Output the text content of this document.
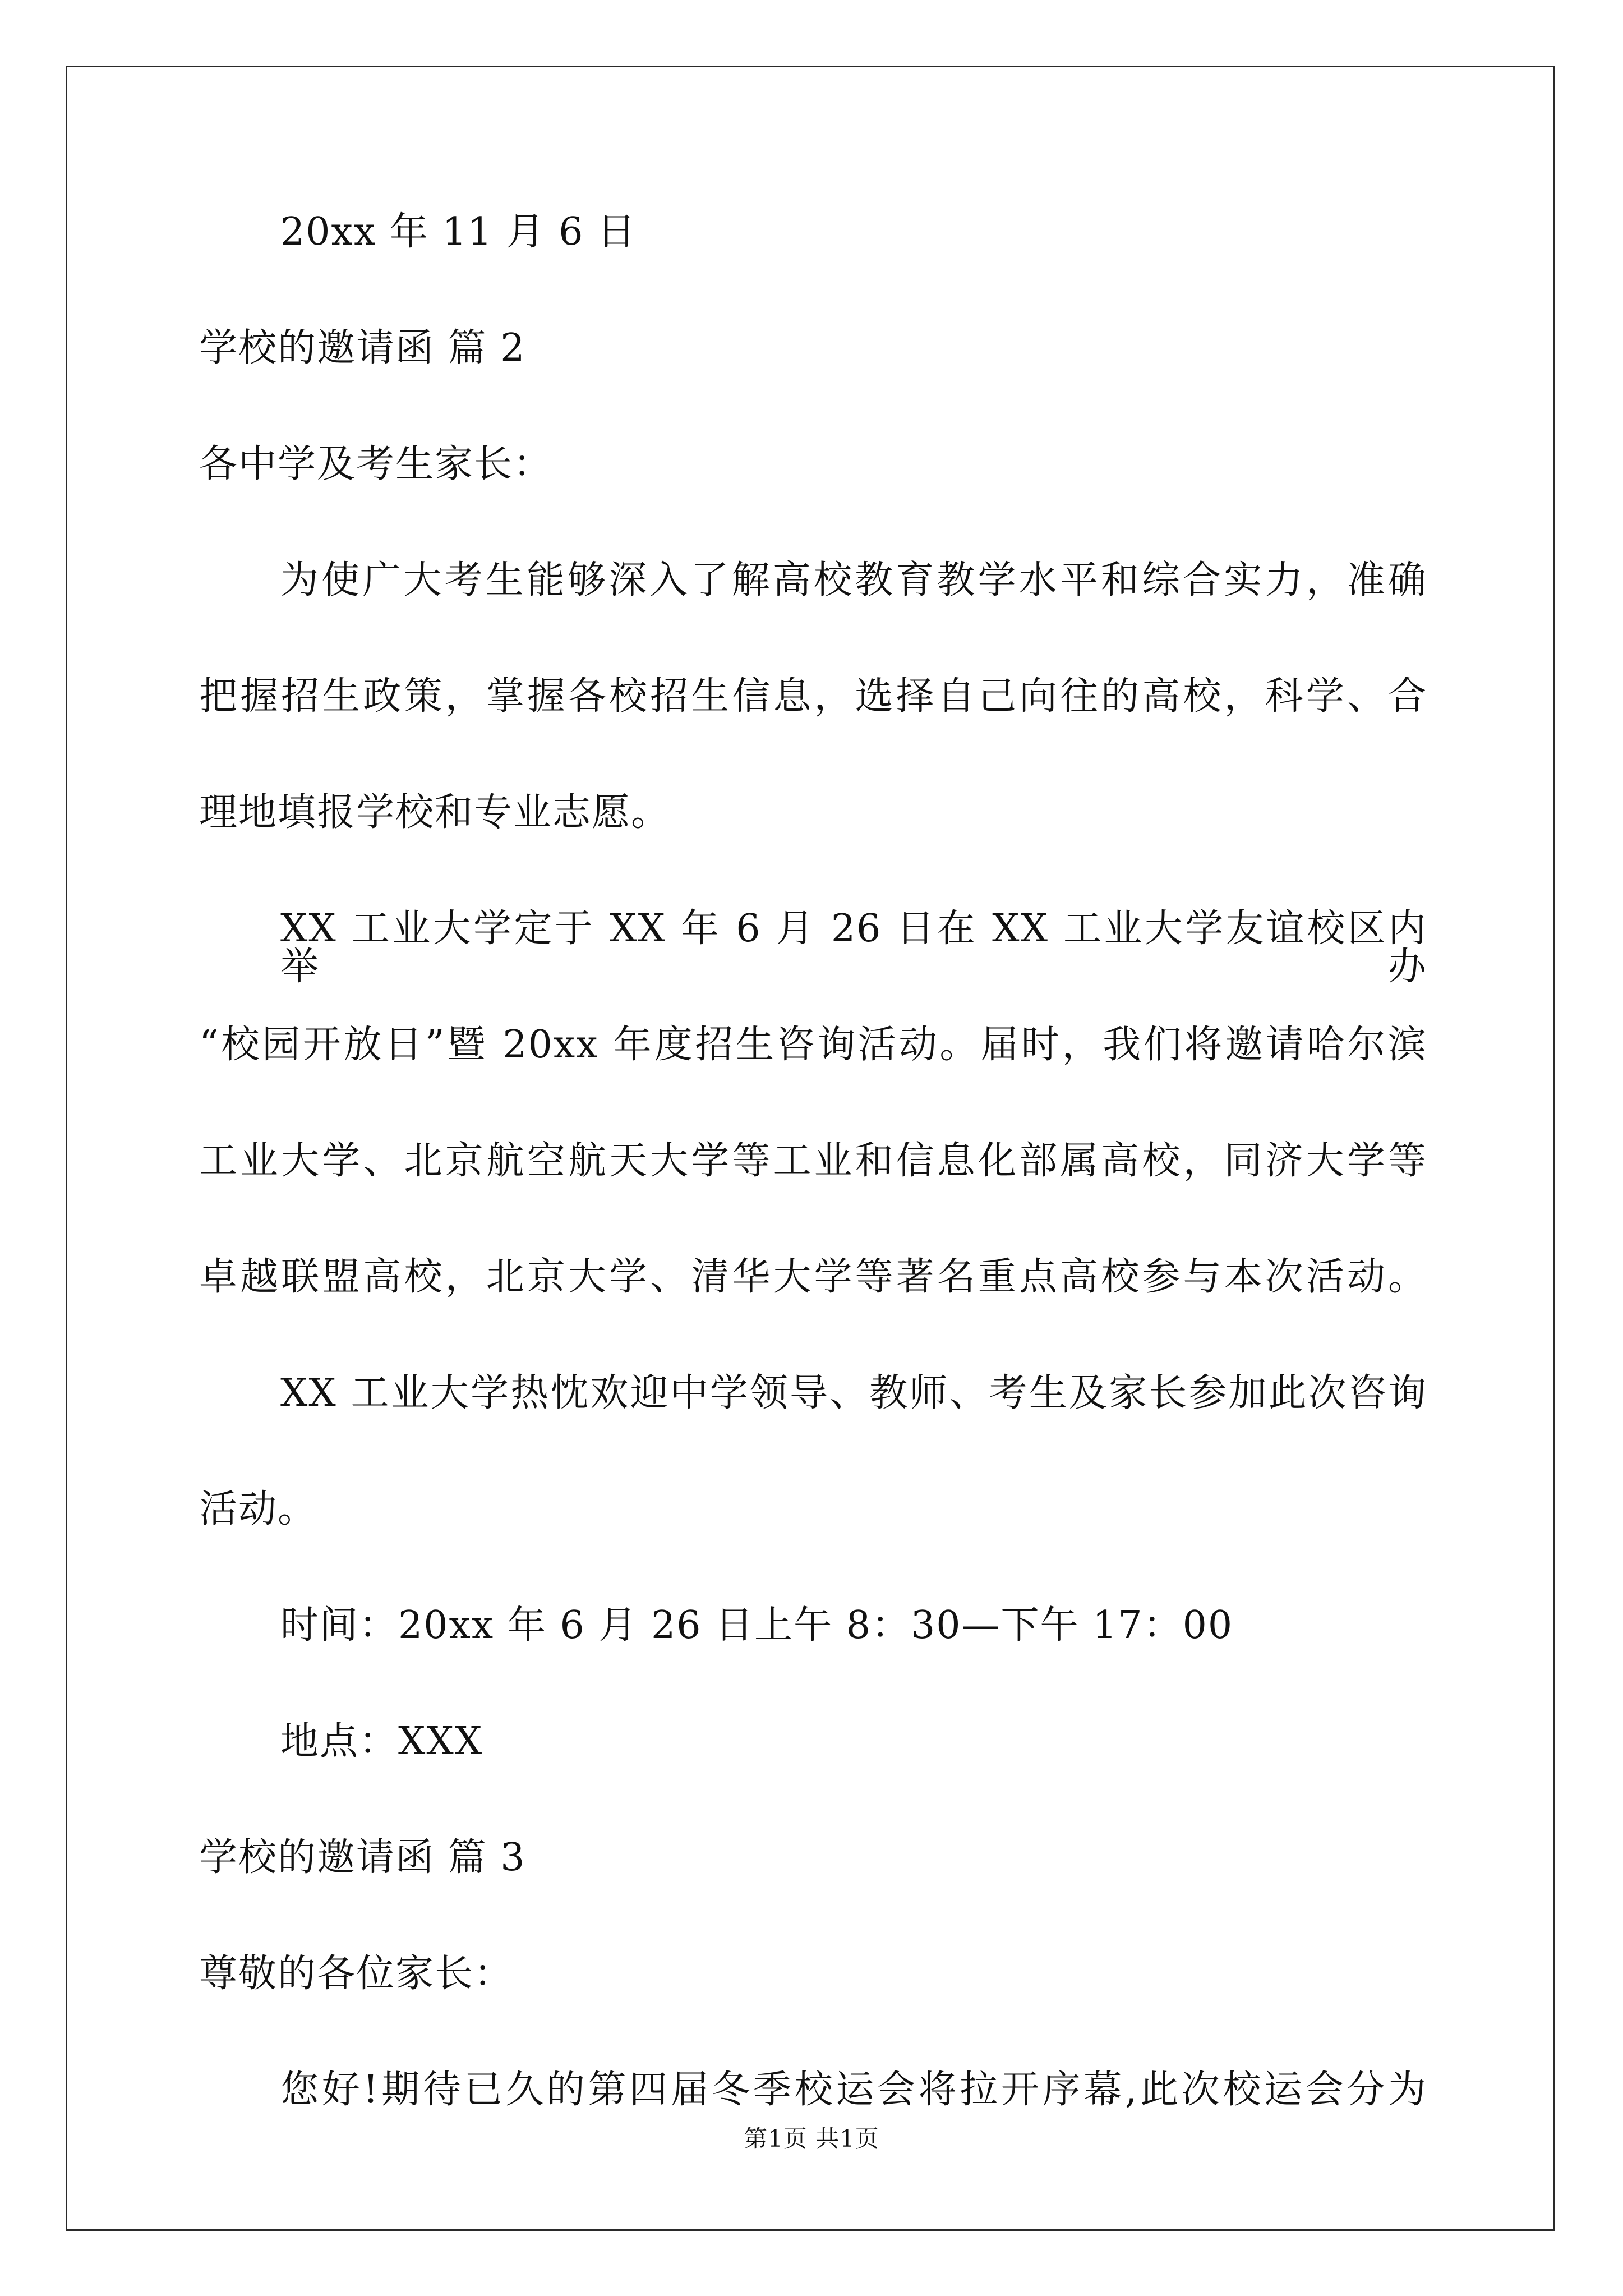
20xx 年 11 月 6 日
学校的邀请函 篇 2
各中学及考生家长：
为使广大考生能够深入了解高校教育教学水平和综合实力，准确
把握招生政策，掌握各校招生信息，选择自己向往的高校，科学、合
理地填报学校和专业志愿。
XX 工业大学定于 XX 年 6 月 26 日在 XX 工业大学友谊校区内举办
“校园开放日”暨 20xx 年度招生咨询活动。届时，我们将邀请哈尔滨
工业大学、北京航空航天大学等工业和信息化部属高校，同济大学等
卓越联盟高校，北京大学、清华大学等著名重点高校参与本次活动。
XX 工业大学热忱欢迎中学领导、教师、考生及家长参加此次咨询
活动。
时间：20xx 年 6 月 26 日上午 8：30—下午 17：00
地点：XXX
学校的邀请函 篇 3
尊敬的各位家长：
您好!期待已久的第四届冬季校运会将拉开序幕,此次校运会分为
第1页 共1页
